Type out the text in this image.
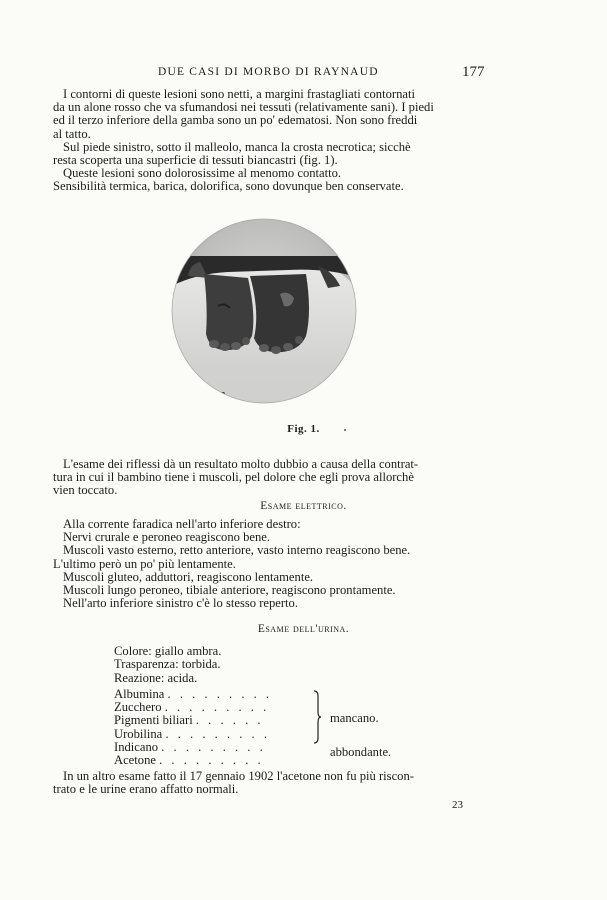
DUE CASI DI MORBO DI RAYNAUD	177
I contorni di queste lesioni sono netti, a margini frastagliati contornati
da un alone rosso che va sfumandosi nei tessuti (relativamente sani). I piedi
ed il terzo inferiore della gamba sono un po' edematosi. Non sono freddi
al tatto.
Sul piede sinistro, sotto il malleolo, manca la crosta necrotica; sicchè
resta scoperta una superficie di tessuti biancastri (fig. 1).
Queste lesioni sono dolorosissime al menomo contatto.
Sensibilità termica, barica, dolorifica, sono dovunque ben conservate.
Fig. 1.
L'esame dei riflessi dà un resultato molto dubbio a causa della contrat-
tura in cui il bambino tiene i muscoli, pel dolore che egli prova allorchè
vien toccato.
Esame elettrico.
Alla corrente faradica nell'arto inferiore destro:
Nervi crurale e peroneo reagiscono bene.
Muscoli vasto esterno, retto anteriore, vasto interno reagiscono bene.
L'ultimo però un po' più lentamente.
Muscoli gluteo, adduttori, reagiscono lentamente.
Muscoli lungo peroneo, tibiale anteriore, reagiscono prontamente.
Nell'arto inferiore sinistro c'è lo stesso reperto.
Esame dell'urina.
Colore: giallo ambra.
Trasparenza: torbida.
Reazione: acida.
Albumina . . . . . . . . .
Zucchero . . . . . . . . .
Pigmenti biliari . . . . . .
Urobilina . . . . . . . . .
Indicano . . . . . . . . .
Acetone . . . . . . . . .
mancano.
abbondante.
In un altro esame fatto il 17 gennaio 1902 l'acetone non fu più riscon-
trato e le urine erano affatto normali.
23
